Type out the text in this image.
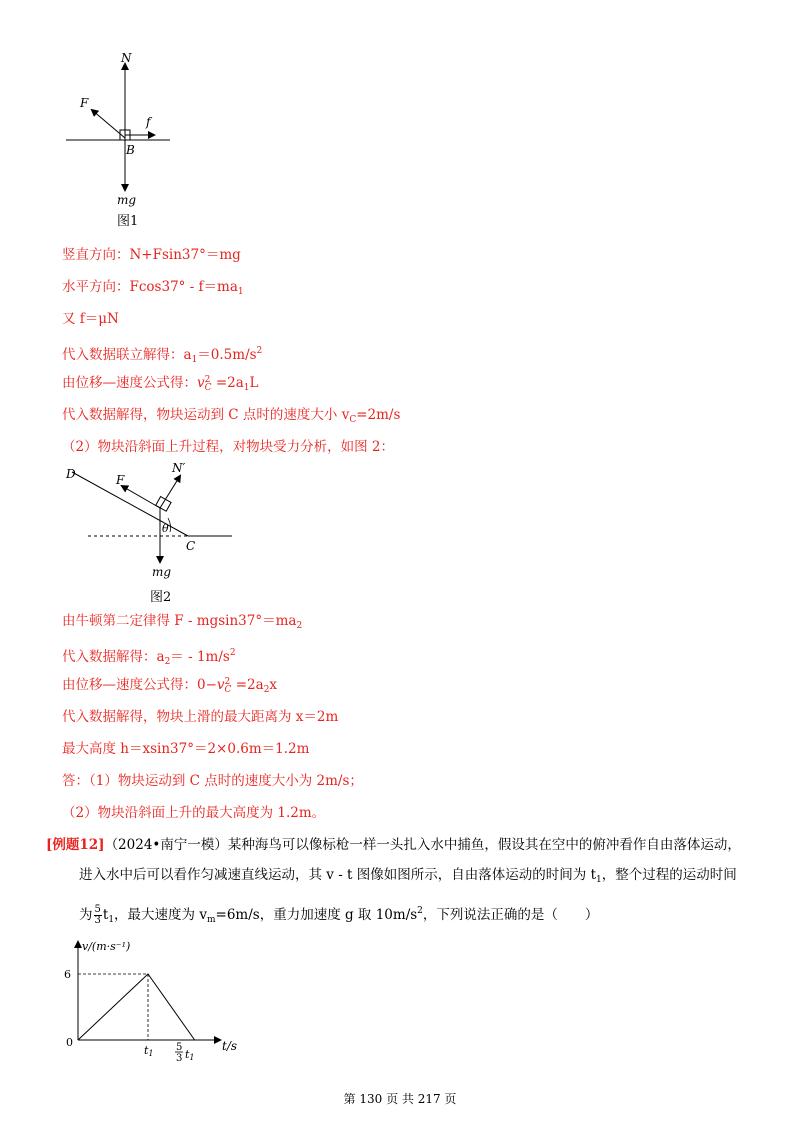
N
F
f
B
mg
图1
竖直方向：N+Fsin37°＝mg
水平方向：$Fcos37^\circ - f=ma_1$
又 f＝μN
代入数据联立解得：$a_1=0.5m/s^2$
由位移—速度公式得：v 2
$C =2a_1L$
代入数据解得，物块运动到 C 点时的速度大小 $v_C=2m/s$
（2）物块沿斜面上升过程，对物块受力分析，如图 2：
D	F
N′
θ
C
mg
图2
由牛顿第二定律得 $F - mgsin37^\circ=ma_2$
代入数据解得：$a_2= - 1m/s^2$
由位移—速度公式得：0−v 2
$C =2a_2x$
代入数据解得，物块上滑的最大距离为 x＝2m
最大高度 h＝xsin37°＝2×0.6m＝1.2m
答：（1）物块运动到 C 点时的速度大小为 2m/s；
（2）物块沿斜面上升的最大高度为 1.2m。
[例题12]（2024•南宁一模）某种海鸟可以像标枪一样一头扎入水中捕鱼，假设其在空中的俯冲看作自由落体运动，
进入水中后可以看作匀减速直线运动，其 v - t 图像如图所示，自由落体运动的时间为 $t_1$，整个过程的运动时间
为 $\frac{5}{3} t_1$，最大速度为 $v_m=6m/s$，重力加速度 g 取 $10m/s^2$，下列说法正确的是（　　）
v/(m·s⁻¹)
6
0	t/s
t1
5
3 t1
第 130 页 共 217 页
